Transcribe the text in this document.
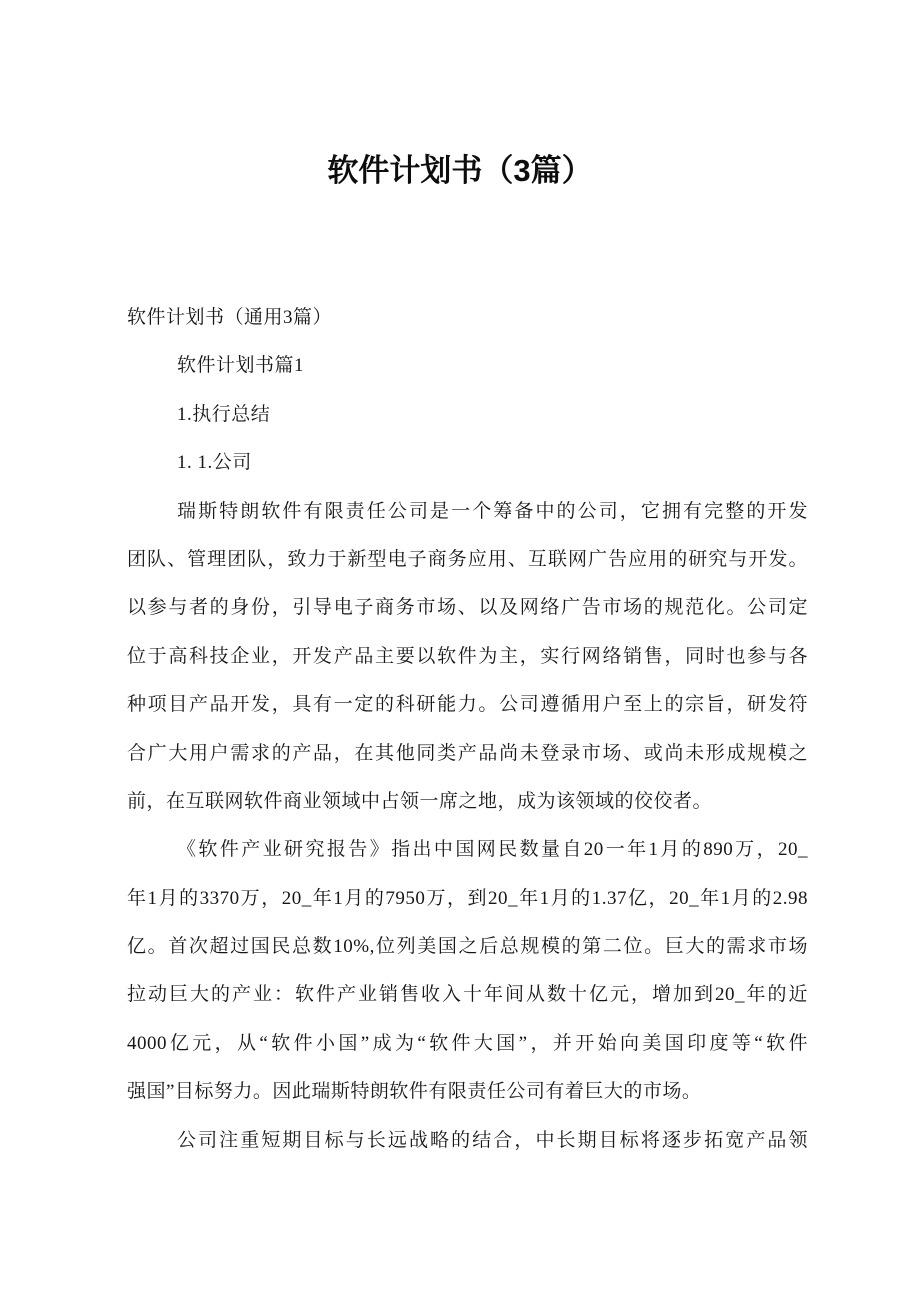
软件计划书（3篇）
软件计划书（通用3篇）
软件计划书篇1
1.执行总结
1. 1.公司
瑞斯特朗软件有限责任公司是一个筹备中的公司，它拥有完整的开发
团队、管理团队，致力于新型电子商务应用、互联网广告应用的研究与开发。
以参与者的身份，引导电子商务市场、以及网络广告市场的规范化。公司定
位于高科技企业，开发产品主要以软件为主，实行网络销售，同时也参与各
种项目产品开发，具有一定的科研能力。公司遵循用户至上的宗旨，研发符
合广大用户需求的产品，在其他同类产品尚未登录市场、或尚未形成规模之
前，在互联网软件商业领域中占领一席之地，成为该领域的佼佼者。
《软件产业研究报告》指出中国网民数量自20一年1月的890万，20_
年1月的3370万，20_年1月的7950万，到20_年1月的1.37亿，20_年1月的2.98
亿。首次超过国民总数10%,位列美国之后总规模的第二位。巨大的需求市场
拉动巨大的产业：软件产业销售收入十年间从数十亿元，增加到20_年的近
4000亿元，从“软件小国”成为“软件大国”，并开始向美国印度等“软件
强国”目标努力。因此瑞斯特朗软件有限责任公司有着巨大的市场。
公司注重短期目标与长远战略的结合，中长期目标将逐步拓宽产品领
